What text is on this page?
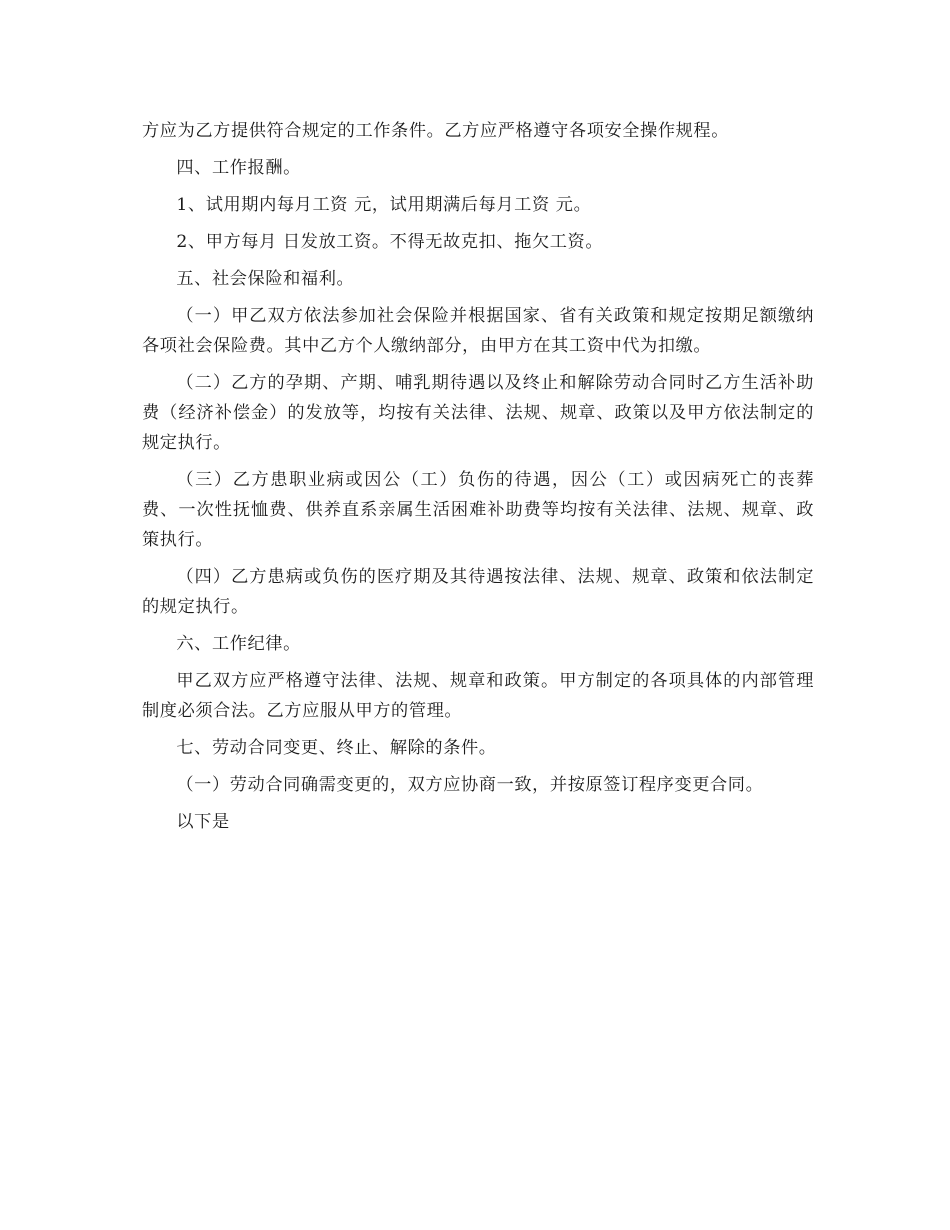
方应为乙方提供符合规定的工作条件。乙方应严格遵守各项安全操作规程。

四、工作报酬。

1、试用期内每月工资 元，试用期满后每月工资 元。

2、甲方每月 日发放工资。不得无故克扣、拖欠工资。

五、社会保险和福利。

（一）甲乙双方依法参加社会保险并根据国家、省有关政策和规定按期足额缴纳各项社会保险费。其中乙方个人缴纳部分，由甲方在其工资中代为扣缴。

（二）乙方的孕期、产期、哺乳期待遇以及终止和解除劳动合同时乙方生活补助费（经济补偿金）的发放等，均按有关法律、法规、规章、政策以及甲方依法制定的规定执行。

（三）乙方患职业病或因公（工）负伤的待遇，因公（工）或因病死亡的丧葬费、一次性抚恤费、供养直系亲属生活困难补助费等均按有关法律、法规、规章、政策执行。

（四）乙方患病或负伤的医疗期及其待遇按法律、法规、规章、政策和依法制定的规定执行。

六、工作纪律。

甲乙双方应严格遵守法律、法规、规章和政策。甲方制定的各项具体的内部管理制度必须合法。乙方应服从甲方的管理。

七、劳动合同变更、终止、解除的条件。

（一）劳动合同确需变更的，双方应协商一致，并按原签订程序变更合同。

以下是
